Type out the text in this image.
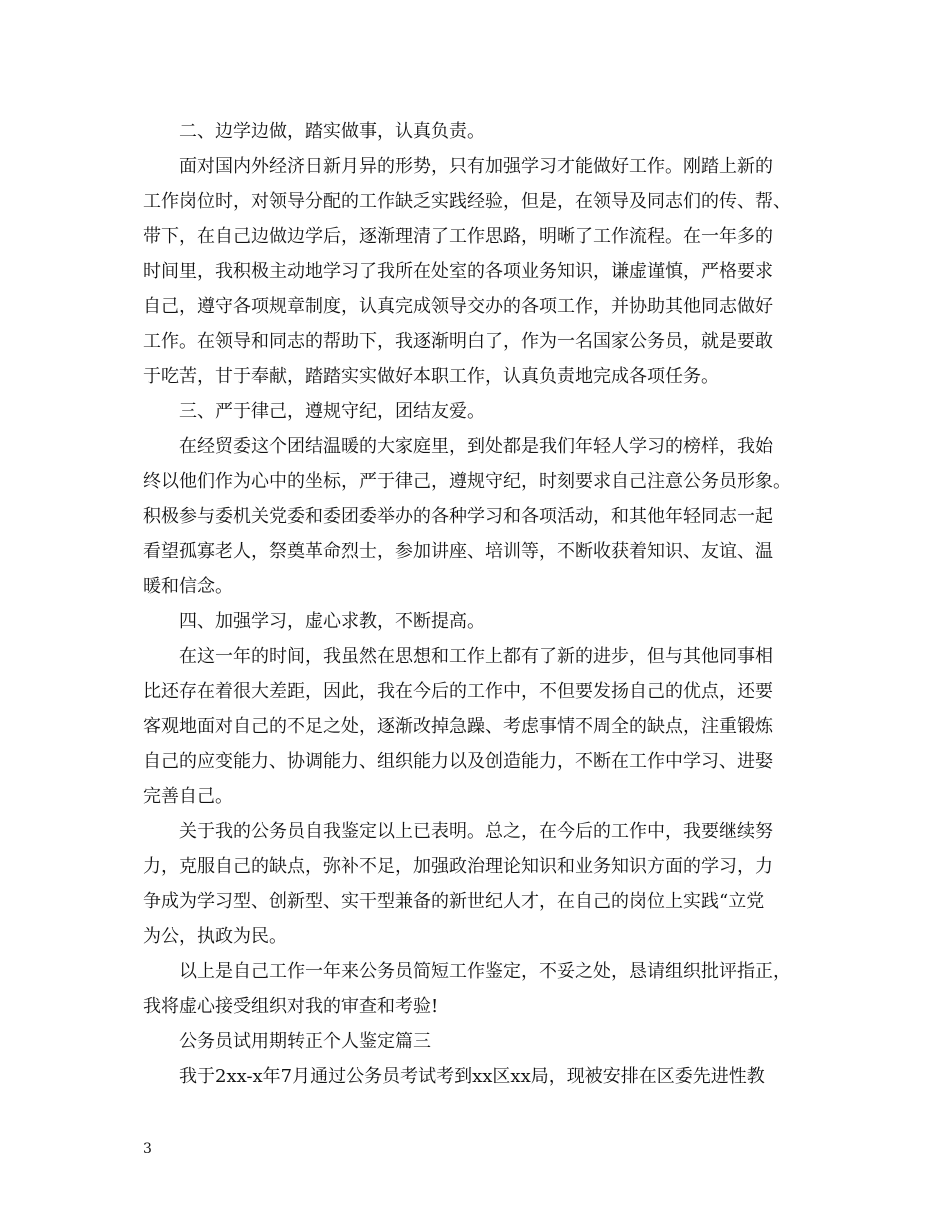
二、边学边做，踏实做事，认真负责。
面对国内外经济日新月异的形势，只有加强学习才能做好工作。刚踏上新的
工作岗位时，对领导分配的工作缺乏实践经验，但是，在领导及同志们的传、帮、
带下，在自己边做边学后，逐渐理清了工作思路，明晰了工作流程。在一年多的
时间里，我积极主动地学习了我所在处室的各项业务知识，谦虚谨慎，严格要求
自己，遵守各项规章制度，认真完成领导交办的各项工作，并协助其他同志做好
工作。在领导和同志的帮助下，我逐渐明白了，作为一名国家公务员，就是要敢
于吃苦，甘于奉献，踏踏实实做好本职工作，认真负责地完成各项任务。
三、严于律己，遵规守纪，团结友爱。
在经贸委这个团结温暖的大家庭里，到处都是我们年轻人学习的榜样，我始
终以他们作为心中的坐标，严于律己，遵规守纪，时刻要求自己注意公务员形象。
积极参与委机关党委和委团委举办的各种学习和各项活动，和其他年轻同志一起
看望孤寡老人，祭奠革命烈士，参加讲座、培训等，不断收获着知识、友谊、温
暖和信念。
四、加强学习，虚心求教，不断提高。
在这一年的时间，我虽然在思想和工作上都有了新的进步，但与其他同事相
比还存在着很大差距，因此，我在今后的工作中，不但要发扬自己的优点，还要
客观地面对自己的不足之处，逐渐改掉急躁、考虑事情不周全的缺点，注重锻炼
自己的应变能力、协调能力、组织能力以及创造能力，不断在工作中学习、进娶
完善自己。
关于我的公务员自我鉴定以上已表明。总之，在今后的工作中，我要继续努
力，克服自己的缺点，弥补不足，加强政治理论知识和业务知识方面的学习，力
争成为学习型、创新型、实干型兼备的新世纪人才，在自己的岗位上实践“立党
为公，执政为民。
以上是自己工作一年来公务员简短工作鉴定，不妥之处，恳请组织批评指正，
我将虚心接受组织对我的审查和考验!
公务员试用期转正个人鉴定篇三
我于2xx-x年7月通过公务员考试考到xx区xx局，现被安排在区委先进性教
3
